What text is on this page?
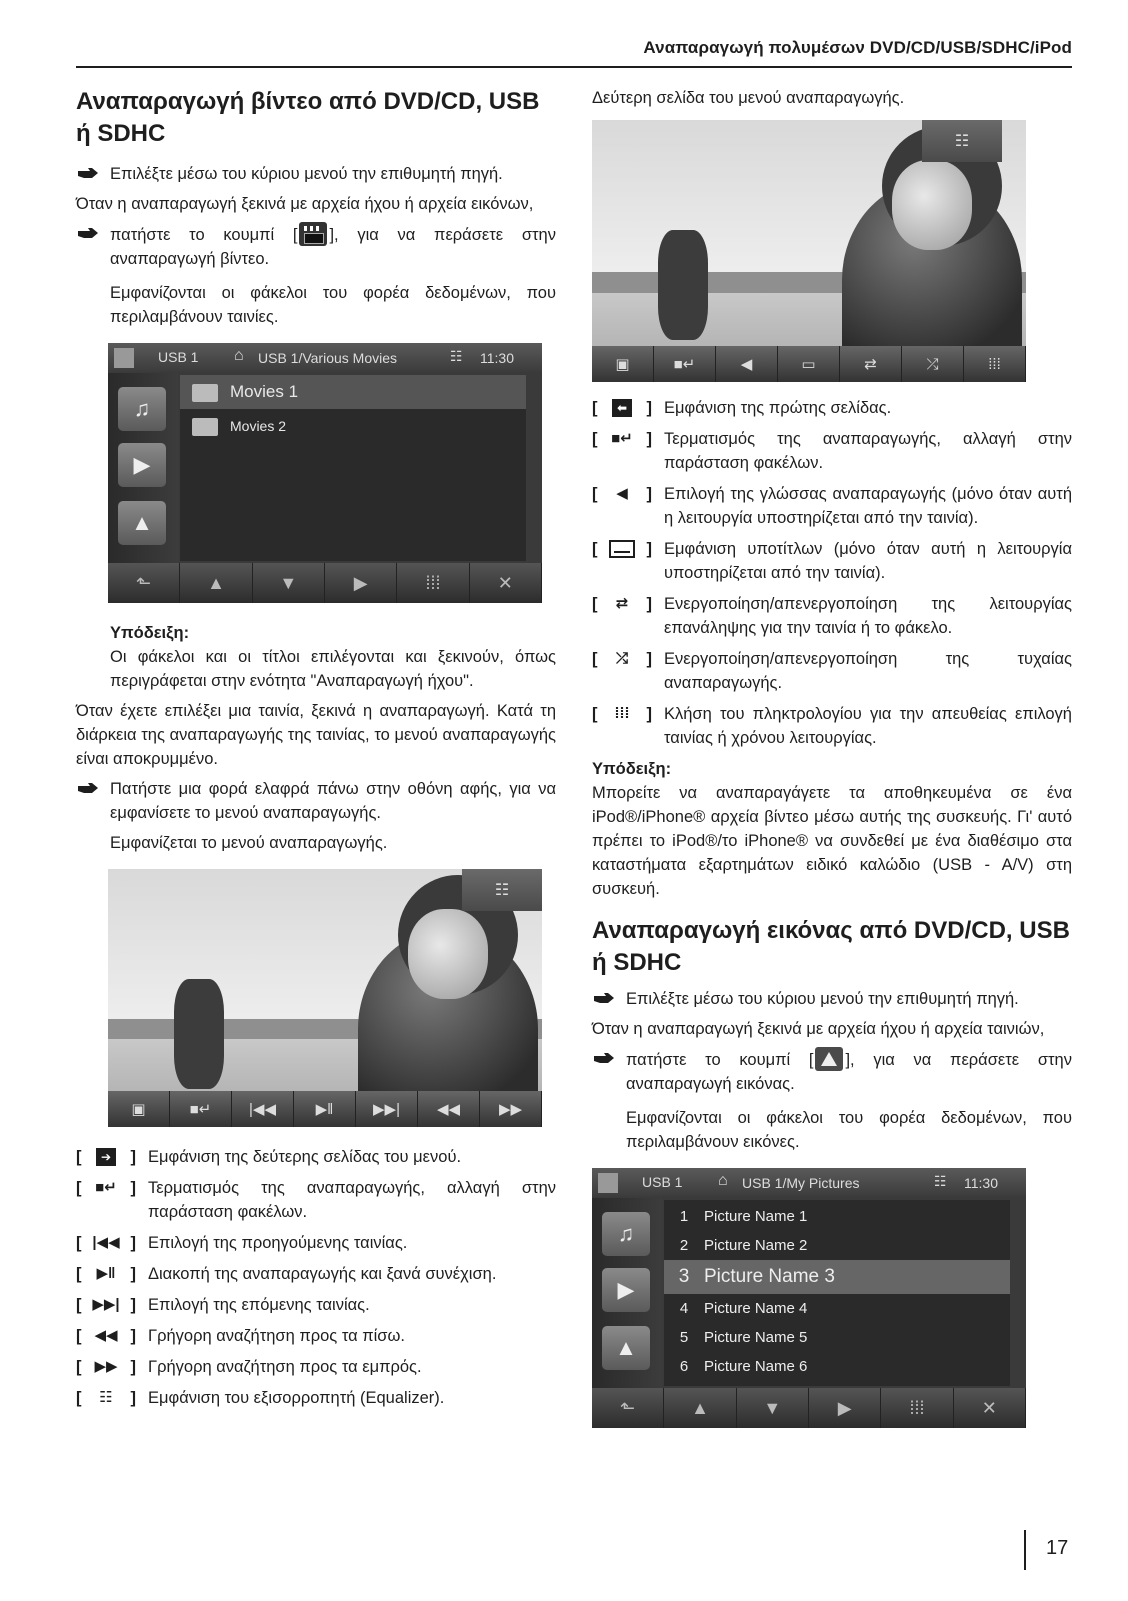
Αναπαραγωγή πολυμέσων DVD/CD/USB/SDHC/iPod
Αναπαραγωγή βίντεο από DVD/CD, USB ή SDHC
Επιλέξτε μέσω του κύριου μενού την επιθυμητή πηγή.

Όταν η αναπαραγωγή ξεκινά με αρχεία ήχου ή αρχεία εικόνων,

πατήστε το κουμπί [ ], για να περάσετε στην αναπαραγωγή βίντεο.

Εμφανίζονται οι φάκελοι του φορέα δεδομένων, που περιλαμβάνουν ταινίες.

USB 1 ⌂ USB 1/Various Movies	☷ 11:30
♫
▶
▲
Movies 1
Movies 2
⬑	▲	▼	▶	⁞⁞⁞	✕
Υπόδειξη:

Οι φάκελοι και οι τίτλοι επιλέγονται και ξεκινούν, όπως περιγράφεται στην ενότητα "Αναπαραγωγή ήχου".

Όταν έχετε επιλέξει μια ταινία, ξεκινά η αναπαραγωγή. Κατά τη διάρκεια της αναπαραγωγής της ταινίας, το μενού αναπαραγωγής είναι αποκρυμμένο.

Πατήστε μια φορά ελαφρά πάνω στην οθόνη αφής, για να εμφανίσετε το μενού αναπαραγωγής.

Εμφανίζεται το μενού αναπαραγωγής.

☷
▣	■↵	|◀◀	▶‖	▶▶|	◀◀	▶▶
[	➔	] Εμφάνιση της δεύτερης σελίδας του μενού.
[ ■↵ ] Τερματισμός της αναπαραγωγής, αλλαγή στην παράσταση φακέλων.
[ |◀◀ ] Επιλογή της προηγούμενης ταινίας.
[	▶‖ ] Διακοπή της αναπαραγωγής και ξανά συνέχιση.
[ ▶▶| ] Επιλογή της επόμενης ταινίας.
[ ◀◀ ] Γρήγορη αναζήτηση προς τα πίσω.
[ ▶▶ ] Γρήγορη αναζήτηση προς τα εμπρός.
[	☷	] Εμφάνιση του εξισορροπητή (Equalizer).

Δεύτερη σελίδα του μενού αναπαραγωγής.

☷
▣	■↵	◀	▭	⇄	⤮	⁞⁞⁞
[	⬅	] Εμφάνιση της πρώτης σελίδας.
[ ■↵ ] Τερματισμός της αναπαραγωγής, αλλαγή στην παράσταση φακέλων.
[	◀	] Επιλογή της γλώσσας αναπαραγωγής (μόνο όταν αυτή η λειτουργία υποστηρίζεται από την ταινία).
[	] Εμφάνιση υποτίτλων (μόνο όταν αυτή η λειτουργία υποστηρίζεται από την ταινία).
[	⇄	] Ενεργοποίηση/απενεργοποίηση της λειτουργίας επανάληψης για την ταινία ή το φάκελο.
[	⤮	] Ενεργοποίηση/απενεργοποίηση της τυχαίας αναπαραγωγής.
[	⁞⁞⁞	] Κλήση του πληκτρολογίου για την απευθείας επιλογή ταινίας ή χρόνου λειτουργίας.
Υπόδειξη:

Μπορείτε να αναπαραγάγετε τα αποθηκευμένα σε ένα iPod®/iPhone® αρχεία βίντεο μέσω αυτής της συσκευής. Γι' αυτό πρέπει το iPod®/το iPhone® να συνδεθεί με ένα διαθέσιμο στα καταστήματα εξαρτημάτων ειδικό καλώδιο (USB - A/V) στη συσκευή.

Αναπαραγωγή εικόνας από DVD/CD, USB ή SDHC
Επιλέξτε μέσω του κύριου μενού την επιθυμητή πηγή.

Όταν η αναπαραγωγή ξεκινά με αρχεία ήχου ή αρχεία ταινιών,

πατήστε το κουμπί [ ], για να περάσετε στην αναπαραγωγή εικόνας.

Εμφανίζονται οι φάκελοι του φορέα δεδομένων, που περιλαμβάνουν εικόνες.

USB 1 ⌂ USB 1/My Pictures	☷ 11:30
♫
▶
▲
1	Picture Name 1
2	Picture Name 2
3 Picture Name 3
4	Picture Name 4
5	Picture Name 5
6	Picture Name 6
⬑	▲	▼	▶	⁞⁞⁞	✕
17
